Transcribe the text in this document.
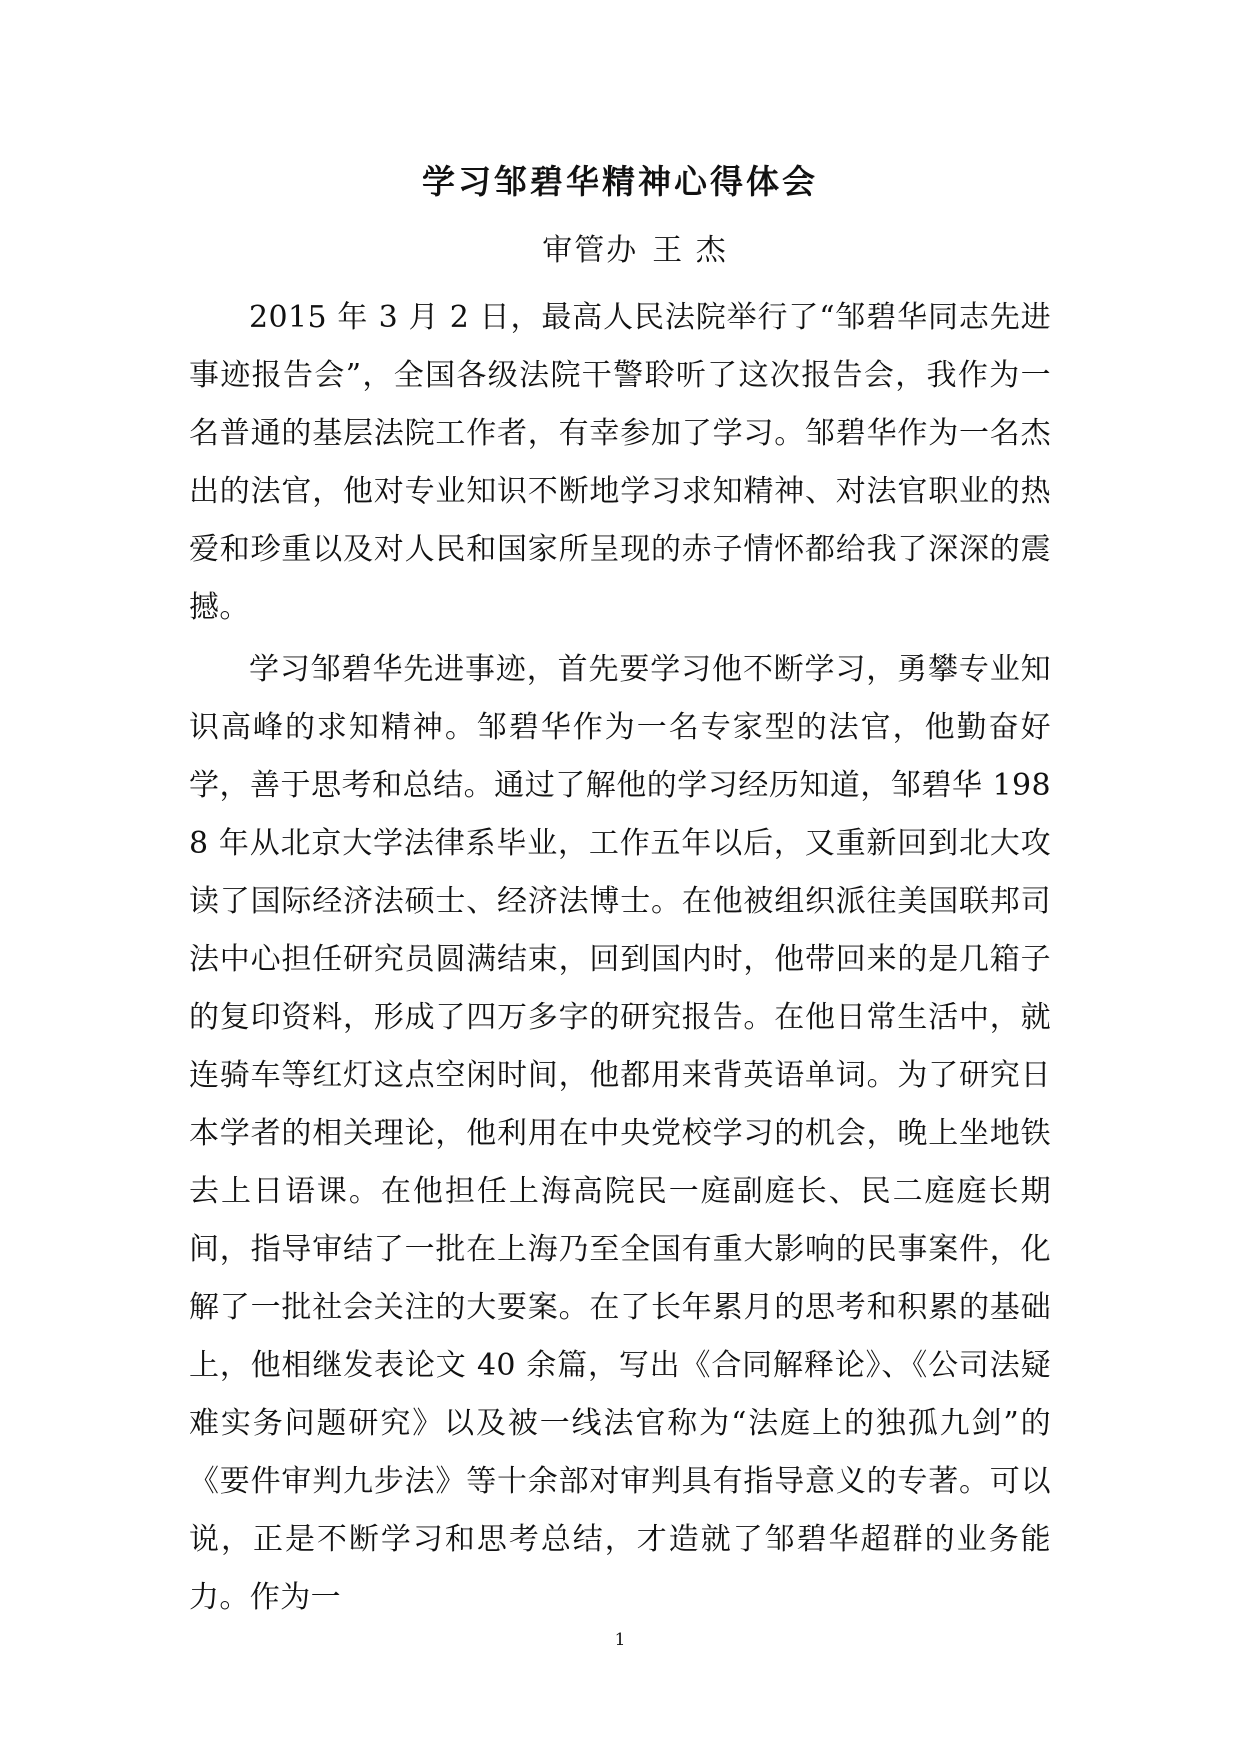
学习邹碧华精神心得体会

审管办 王 杰

2015 年 3 月 2 日，最高人民法院举行了“邹碧华同志先进事迹报告会”，全国各级法院干警聆听了这次报告会，我作为一名普通的基层法院工作者，有幸参加了学习。邹碧华作为一名杰出的法官，他对专业知识不断地学习求知精神、对法官职业的热爱和珍重以及对人民和国家所呈现的赤子情怀都给我了深深的震撼。

学习邹碧华先进事迹，首先要学习他不断学习，勇攀专业知识高峰的求知精神。邹碧华作为一名专家型的法官，他勤奋好学，善于思考和总结。通过了解他的学习经历知道，邹碧华 1988 年从北京大学法律系毕业，工作五年以后，又重新回到北大攻读了国际经济法硕士、经济法博士。在他被组织派往美国联邦司法中心担任研究员圆满结束，回到国内时，他带回来的是几箱子的复印资料，形成了四万多字的研究报告。在他日常生活中，就连骑车等红灯这点空闲时间，他都用来背英语单词。为了研究日本学者的相关理论，他利用在中央党校学习的机会，晚上坐地铁去上日语课。在他担任上海高院民一庭副庭长、民二庭庭长期间，指导审结了一批在上海乃至全国有重大影响的民事案件，化解了一批社会关注的大要案。在了长年累月的思考和积累的基础上，他相继发表论文 40 余篇，写出《合同解释论》、《公司法疑难实务问题研究》以及被一线法官称为“法庭上的独孤九剑”的《要件审判九步法》等十余部对审判具有指导意义的专著。可以说，正是不断学习和思考总结，才造就了邹碧华超群的业务能力。作为一

1
